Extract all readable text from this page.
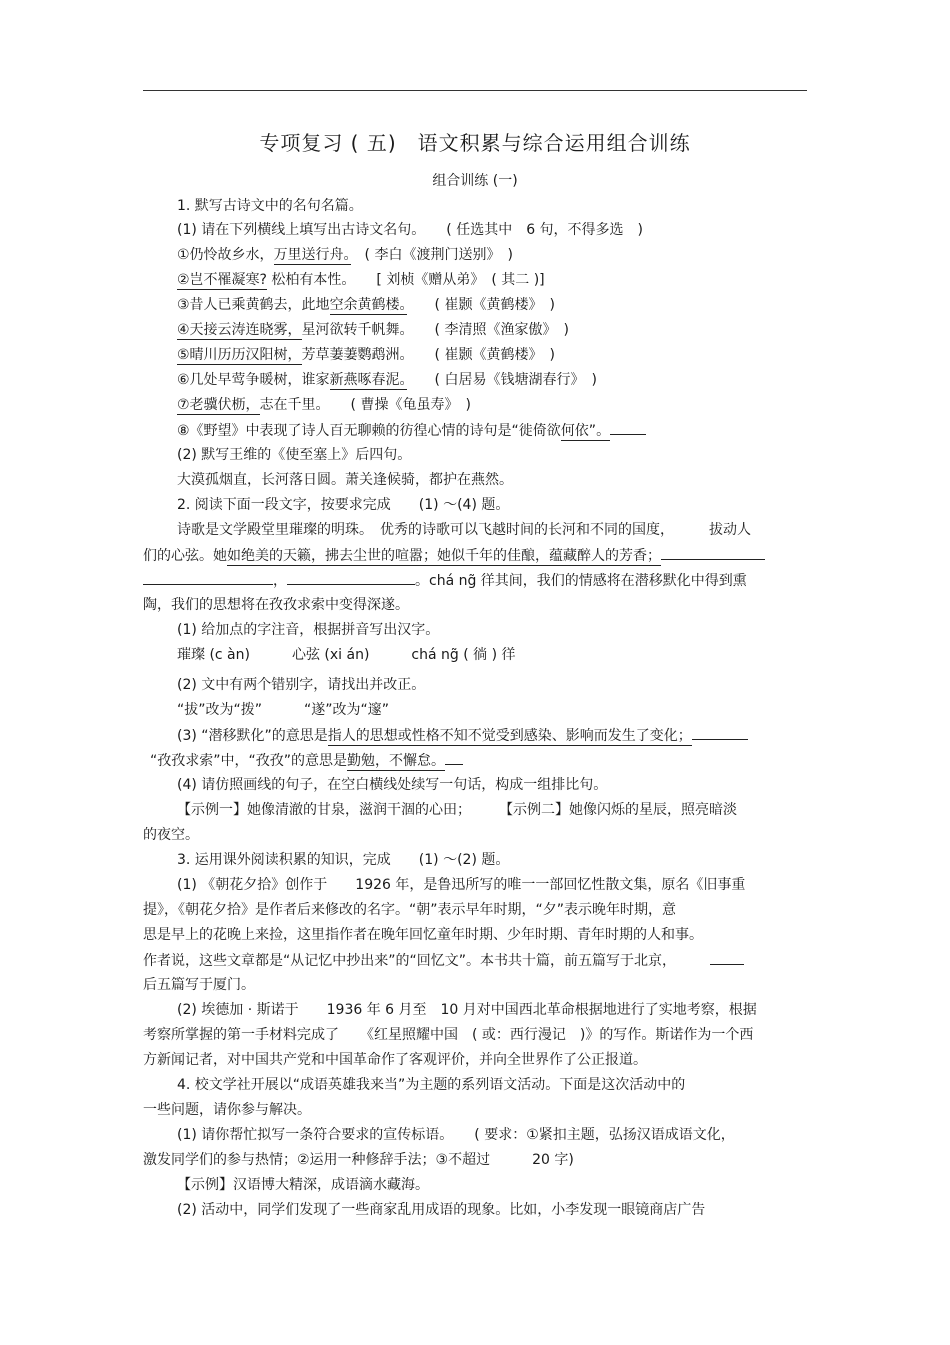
专项复习 ( 五)　语文积累与综合运用组合训练
组合训练 (一)
1. 默写古诗文中的名句名篇。
(1) 请在下列横线上填写出古诗文名句。　　( 任选其中　6 句，不得多选　)
①仍怜故乡水，万里送行舟。　( 李白《渡荆门送别》　)
②岂不罹凝寒? 松柏有本性。　　[ 刘桢《赠从弟》　( 其二 )]
③昔人已乘黄鹤去，此地空余黄鹤楼。　　( 崔颢《黄鹤楼》　)
④天接云涛连晓雾，星河欲转千帆舞。　　( 李清照《渔家傲》　)
⑤晴川历历汉阳树，芳草萋萋鹦鹉洲。　　( 崔颢《黄鹤楼》　)
⑥几处早莺争暖树，谁家新燕啄春泥。　　( 白居易《钱塘湖春行》　)
⑦老骥伏枥，志在千里。　　( 曹操《龟虽寿》　)
⑧《野望》中表现了诗人百无聊赖的彷徨心情的诗句是“徙倚欲何依”。
(2) 默写王维的《使至塞上》后四句。
大漠孤烟直，长河落日圆。萧关逢候骑，都护在燕然。
2. 阅读下面一段文字，按要求完成　　(1) ～(4) 题。
诗歌是文学殿堂里璀璨的明珠。　优秀的诗歌可以飞越时间的长河和不同的国度，　　　拔动人
们的心弦。她如绝美的天籁，拂去尘世的喧嚣；她似千年的佳酿，蕴藏醉人的芳香；
，	。chá ng̃ 徉其间，我们的情感将在潜移默化中得到熏
陶，我们的思想将在孜孜求索中变得深遂。
(1) 给加点的字注音，根据拼音写出汉字。
璀璨 (c àn)　　　心弦 (xi án)　　　chá ng̃ ( 徜 ) 徉
(2) 文中有两个错别字，请找出并改正。
“拔”改为“拨”　　　“遂”改为“邃”
(3) “潜移默化”的意思是指人的思想或性格不知不觉受到感染、影响而发生了变化；
“孜孜求索”中，“孜孜”的意思是勤勉，不懈怠。
(4) 请仿照画线的句子，在空白横线处续写一句话，构成一组排比句。
【示例一】她像清澈的甘泉，滋润干涸的心田；　　　【示例二】她像闪烁的星辰，照亮暗淡
的夜空。
3. 运用课外阅读积累的知识，完成　　(1) ～(2) 题。
(1) 《朝花夕拾》创作于　　1926 年，是鲁迅所写的唯一一部回忆性散文集，原名《旧事重
提》，《朝花夕拾》是作者后来修改的名字。“朝”表示早年时期，“夕”表示晚年时期，意
思是早上的花晚上来捡，这里指作者在晚年回忆童年时期、少年时期、青年时期的人和事。
作者说，这些文章都是“从记忆中抄出来”的“回忆文”。本书共十篇，前五篇写于北京，
后五篇写于厦门。
(2) 埃德加 · 斯诺于　　1936 年 6 月至　10 月对中国西北革命根据地进行了实地考察，根据
考察所掌握的第一手材料完成了　　《红星照耀中国　( 或：西行漫记　)》的写作。斯诺作为一个西
方新闻记者，对中国共产党和中国革命作了客观评价，并向全世界作了公正报道。
4. 校文学社开展以“成语英雄我来当”为主题的系列语文活动。下面是这次活动中的
一些问题，请你参与解决。
(1) 请你帮忙拟写一条符合要求的宣传标语。　　( 要求：①紧扣主题，弘扬汉语成语文化，
激发同学们的参与热情；②运用一种修辞手法；③不超过　　　20 字)
【示例】汉语博大精深，成语滴水藏海。
(2) 活动中，同学们发现了一些商家乱用成语的现象。比如，小李发现一眼镜商店广告
